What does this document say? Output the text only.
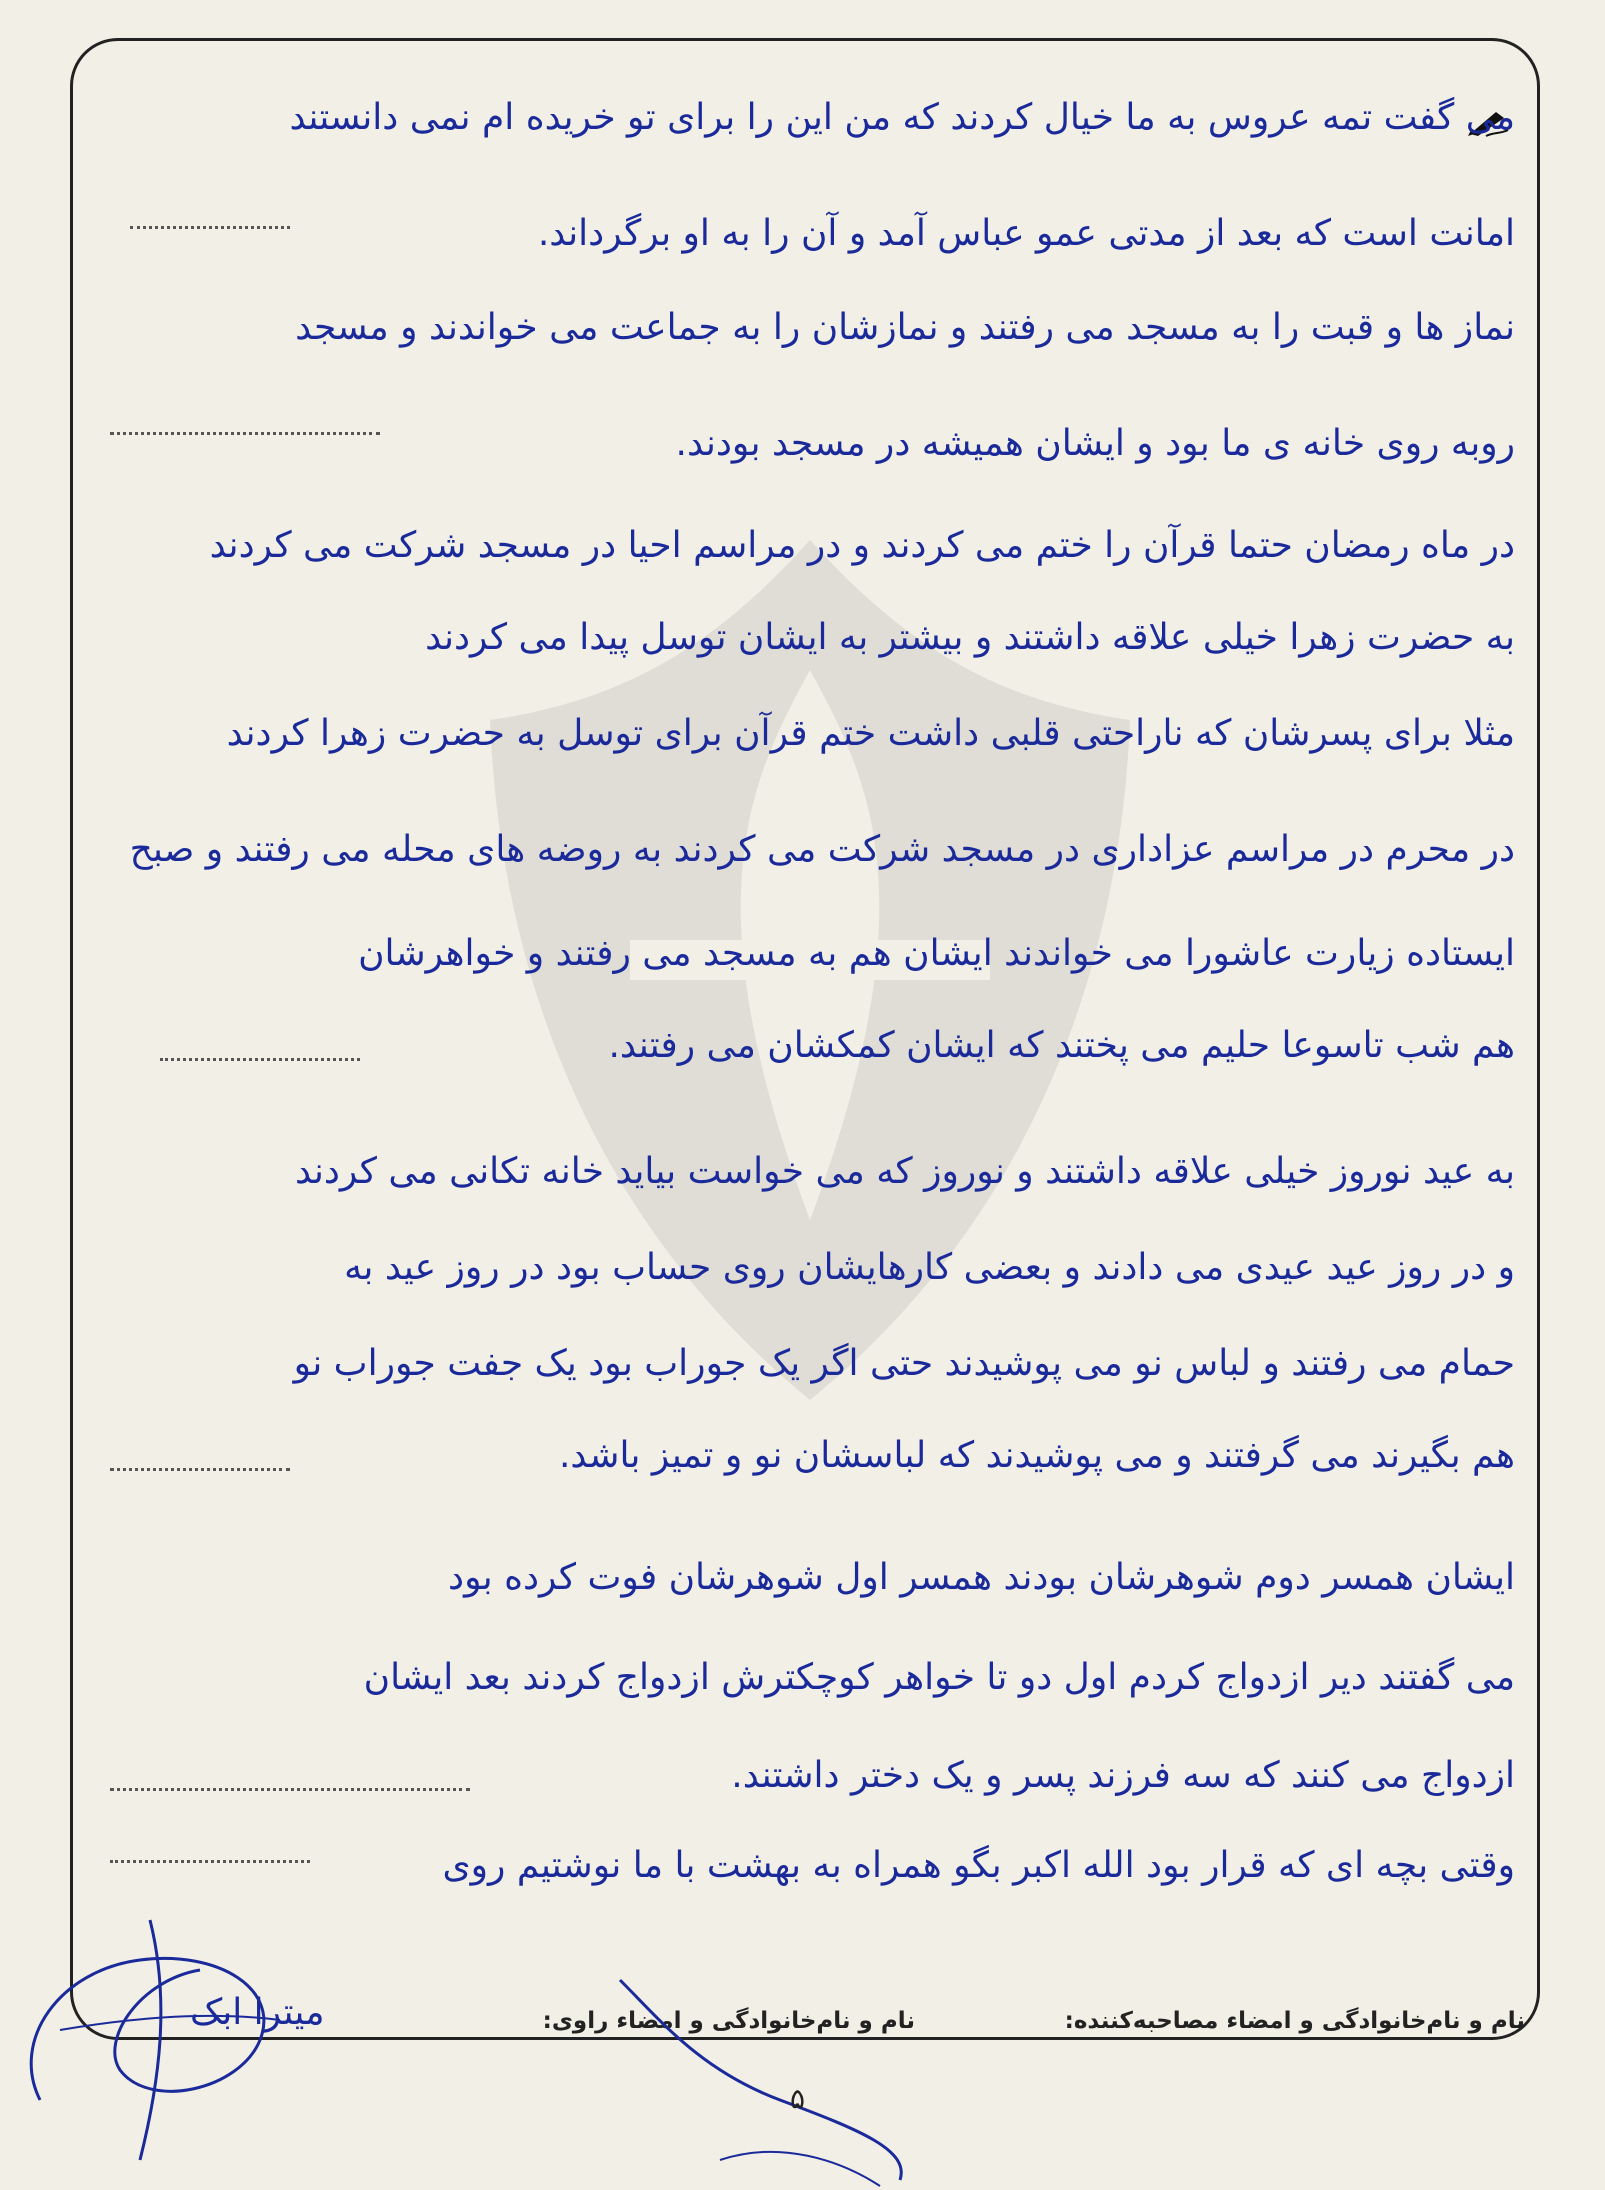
می گفت تمه عروس به ما خیال کردند که من این را برای تو خریده ام نمی دانستند
امانت است که بعد از مدتی عمو عباس آمد و آن را به او برگرداند.
نماز ها و قبت را به مسجد می رفتند و نمازشان را به جماعت می خواندند و مسجد
روبه روی خانه ی ما بود و ایشان همیشه در مسجد بودند.
در ماه رمضان حتما قرآن را ختم می کردند و در مراسم احیا در مسجد شرکت می کردند
به حضرت زهرا خیلی علاقه داشتند و بیشتر به ایشان توسل پیدا می کردند
مثلا برای پسرشان که ناراحتی قلبی داشت ختم قرآن برای توسل به حضرت زهرا کردند
در محرم در مراسم عزاداری در مسجد شرکت می کردند به روضه های محله می رفتند و صبح
ایستاده زیارت عاشورا می خواندند ایشان هم به مسجد می رفتند و خواهرشان
هم شب تاسوعا حلیم می پختند که ایشان کمکشان می رفتند.
به عید نوروز خیلی علاقه داشتند و نوروز که می خواست بیاید خانه تکانی می کردند
و در روز عید عیدی می دادند و بعضی کارهایشان روی حساب بود در روز عید به
حمام می رفتند و لباس نو می پوشیدند حتی اگر یک جوراب بود یک جفت جوراب نو
هم بگیرند می گرفتند و می پوشیدند که لباسشان نو و تمیز باشد.
ایشان همسر دوم شوهرشان بودند همسر اول شوهرشان فوت کرده بود
می گفتند دیر ازدواج کردم اول دو تا خواهر کوچکترش ازدواج کردند بعد ایشان
ازدواج می کنند که سه فرزند پسر و یک دختر داشتند.
وقتی بچه ای که قرار بود الله اکبر بگو همراه به بهشت با ما نوشتیم روی
نام و نام‌خانوادگی و امضاء مصاحبه‌کننده:
نام و نام‌خانوادگی و امضاء راوی:
میترا ابک
۵
